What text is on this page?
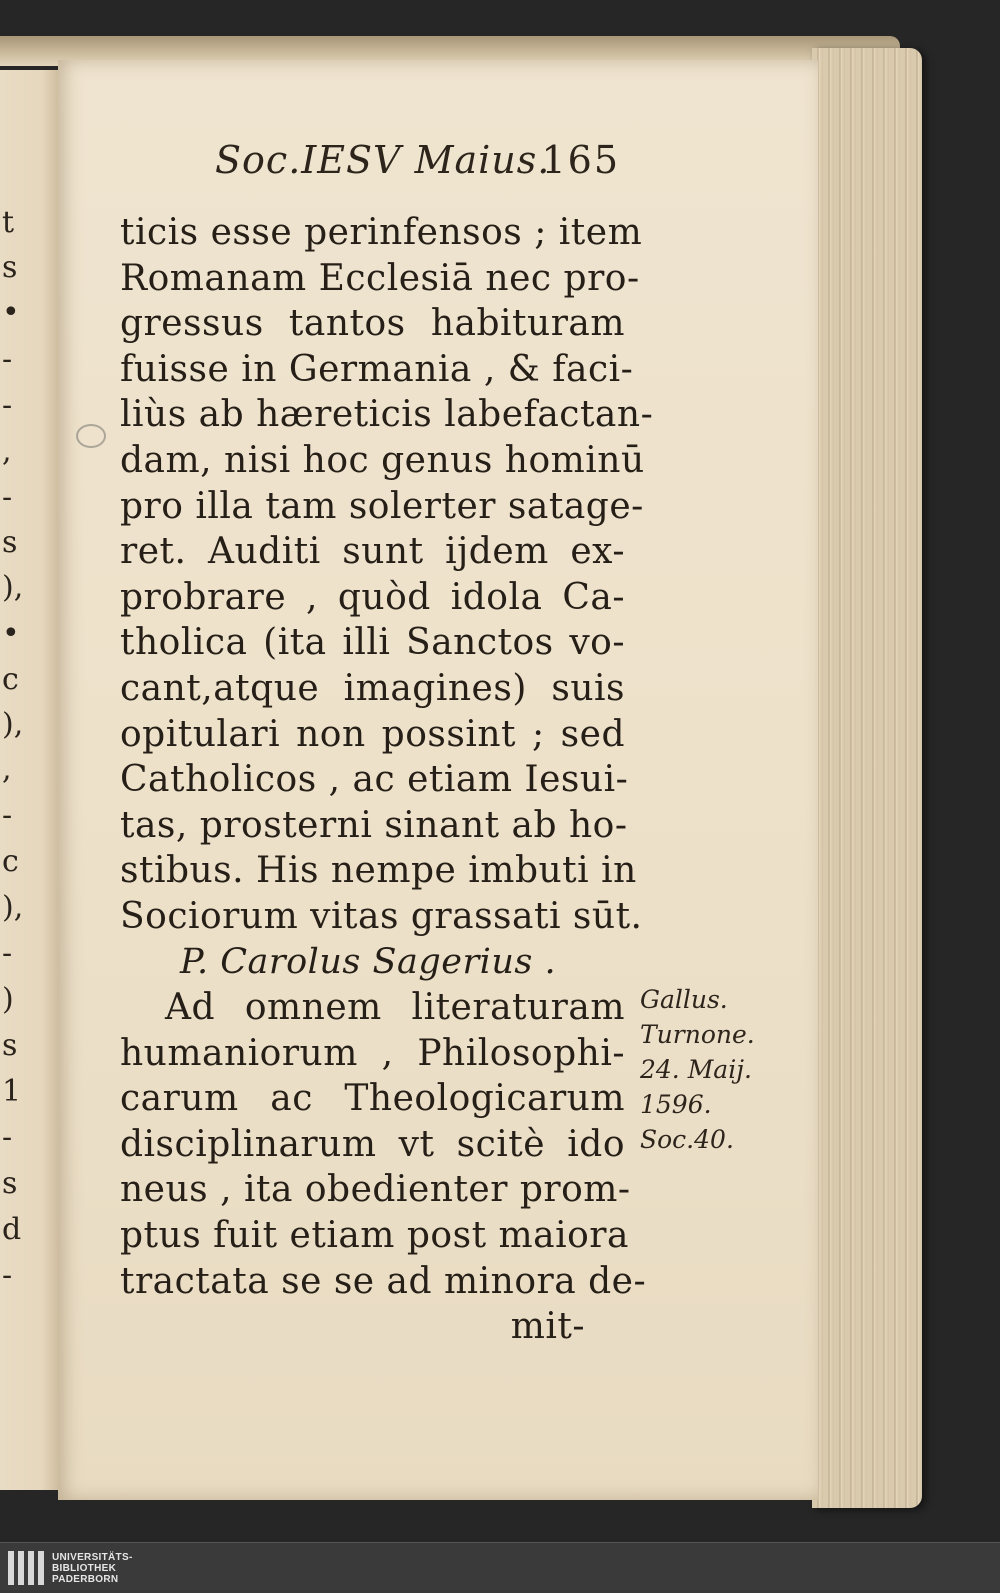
t
s
•
-
-
,
-
s
),
•
c
),
,
-
c
),
-
)
s
1
-
s
d
-
Soc.IESV Maius.
165
ticis esse perinfensos ; item
Romanam Ecclesiā nec pro-
gressus tantos habituram
fuisse in Germania , & faci-
liùs ab hæreticis labefactan-
dam, nisi hoc genus hominū
pro illa tam solerter satage-
ret. Auditi sunt ijdem ex-
probrare , quòd idola Ca-
tholica (ita illi Sanctos vo-
cant,atque imagines) suis
opitulari non possint ; sed
Catholicos , ac etiam Iesui-
tas, prosterni sinant ab ho-
stibus. His nempe imbuti in
Sociorum vitas grassati sūt.
P. Carolus Sagerius .
Ad omnem literaturam
humaniorum , Philosophi-
carum ac Theologicarum
disciplinarum vt scitè ido
neus , ita obedienter prom-
ptus fuit etiam post maiora
tractata se se ad minora de-
mit-
Gallus.
Turnone.
24. Maij.
1596.
Soc.40.
UNIVERSITÄTS-
BIBLIOTHEK
PADERBORN
